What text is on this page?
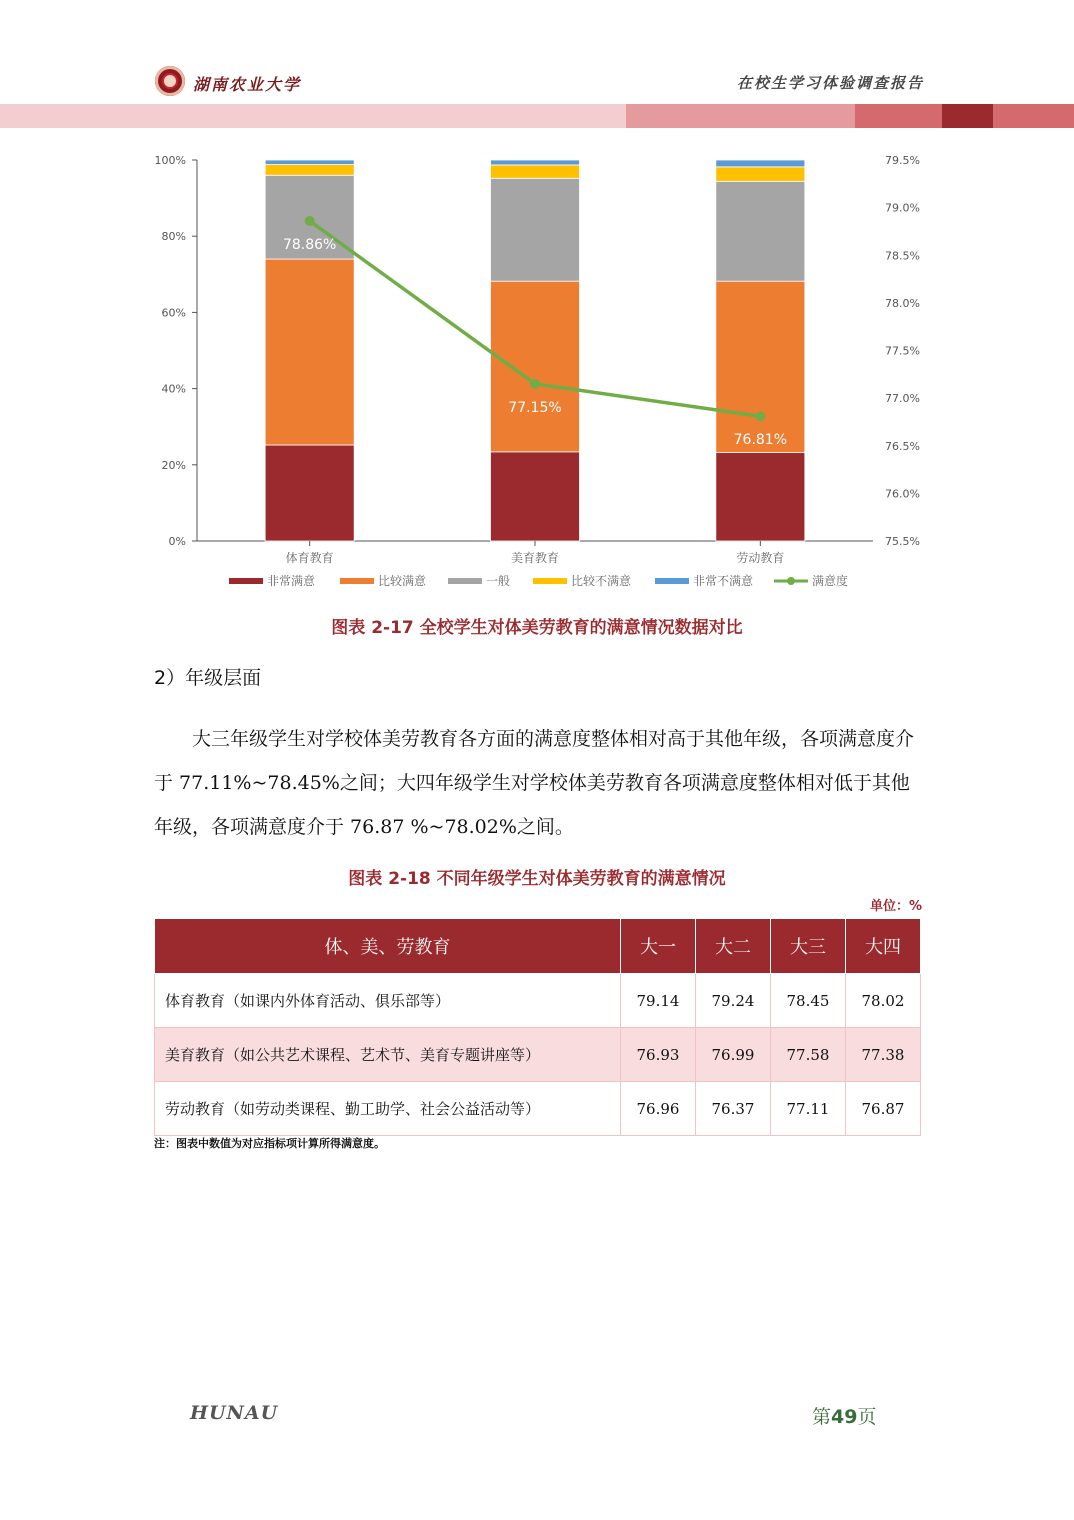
湖南农业大学	在校生学习体验调查报告
0%
20%
40%
60%
80%
100%
75.5%
76.0%
76.5%
77.0%
77.5%
78.0%
78.5%
79.0%
79.5%
体育教育	美育教育	劳动教育
78.86%
77.15%
76.81%
非常满意	比较满意	一般	比较不满意	非常不满意	满意度
图表 2-17 全校学生对体美劳教育的满意情况数据对比
2）年级层面
大三年级学生对学校体美劳教育各方面的满意度整体相对高于其他年级，各项满意度介于 77.11%~78.45%之间；大四年级学生对学校体美劳教育各项满意度整体相对低于其他年级，各项满意度介于 76.87 %~78.02%之间。
图表 2-18 不同年级学生对体美劳教育的满意情况
单位：%
体、美、劳教育	大一	大二	大三	大四
体育教育（如课内外体育活动、俱乐部等）	79.14	79.24	78.45	78.02
美育教育（如公共艺术课程、艺术节、美育专题讲座等）	76.93	76.99	77.58	77.38
劳动教育（如劳动类课程、勤工助学、社会公益活动等）	76.96	76.37	77.11	76.87
注：图表中数值为对应指标项计算所得满意度。
HUNAU	第49页
